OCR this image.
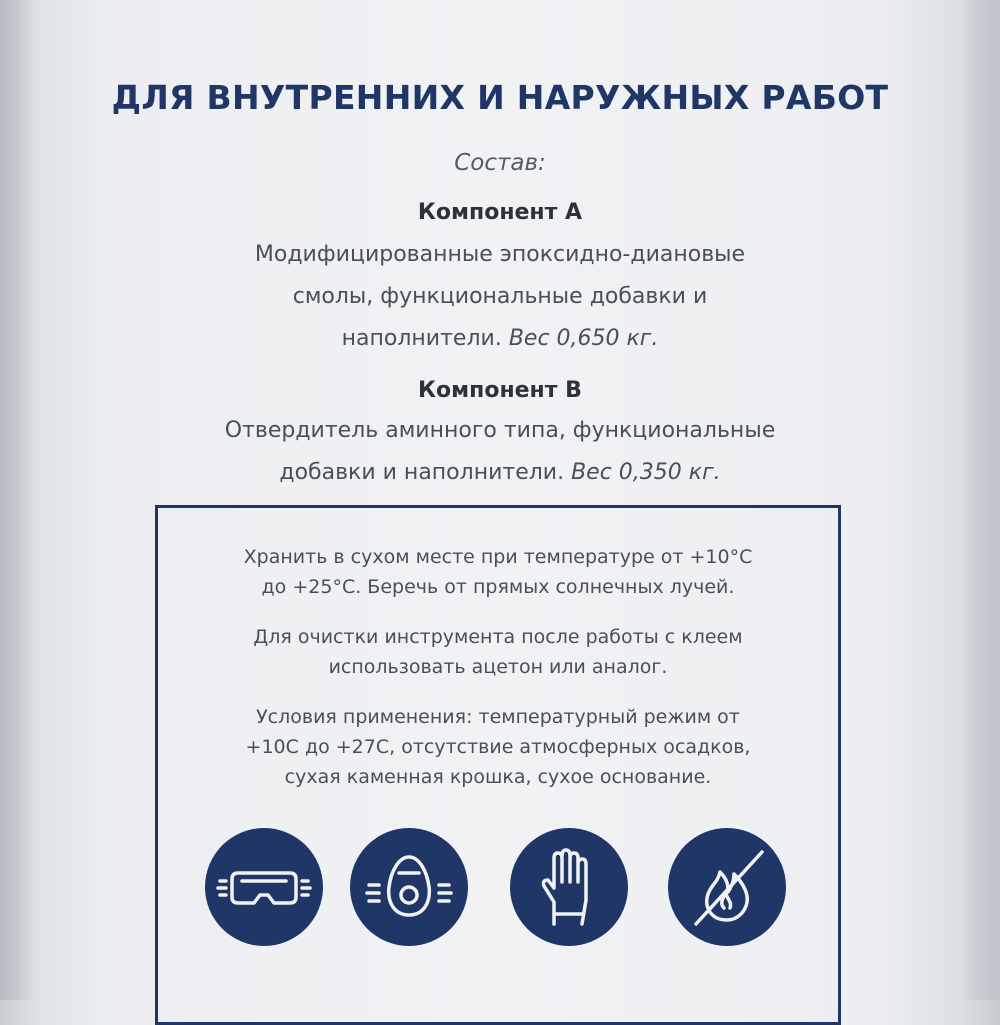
ДЛЯ ВНУТРЕННИХ И НАРУЖНЫХ РАБОТ
Состав:
Компонент А
Модифицированные эпоксидно-диановые
смолы, функциональные добавки и
наполнители. Вес 0,650 кг.
Компонент В
Отвердитель аминного типа, функциональные
добавки и наполнители. Вес 0,350 кг.
Хранить в сухом месте при температуре от +10°С
до +25°С. Беречь от прямых солнечных лучей.
Для очистки инструмента после работы с клеем
использовать ацетон или аналог.
Условия применения: температурный режим от
+10С до +27С, отсутствие атмосферных осадков,
сухая каменная крошка, сухое основание.
